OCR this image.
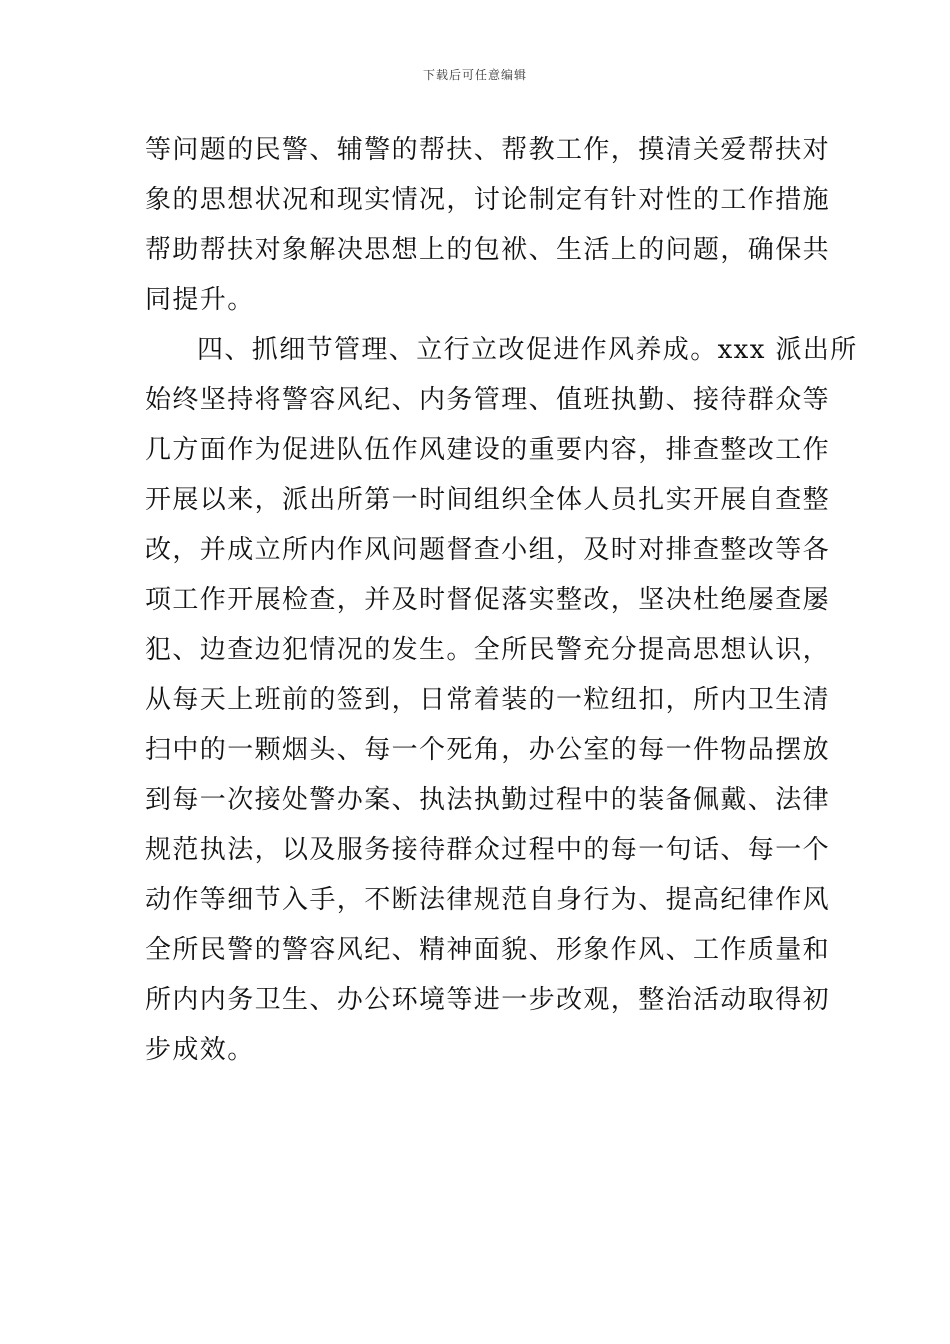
下载后可任意编辑
等问题的民警、辅警的帮扶、帮教工作，摸清关爱帮扶对
象的思想状况和现实情况，讨论制定有针对性的工作措施
帮助帮扶对象解决思想上的包袱、生活上的问题，确保共
同提升。
四、抓细节管理、立行立改促进作风养成。xxx 派出所
始终坚持将警容风纪、内务管理、值班执勤、接待群众等
几方面作为促进队伍作风建设的重要内容，排查整改工作
开展以来，派出所第一时间组织全体人员扎实开展自查整
改，并成立所内作风问题督查小组，及时对排查整改等各
项工作开展检查，并及时督促落实整改，坚决杜绝屡查屡
犯、边查边犯情况的发生。全所民警充分提高思想认识，
从每天上班前的签到，日常着装的一粒纽扣，所内卫生清
扫中的一颗烟头、每一个死角，办公室的每一件物品摆放
到每一次接处警办案、执法执勤过程中的装备佩戴、法律
规范执法，以及服务接待群众过程中的每一句话、每一个
动作等细节入手，不断法律规范自身行为、提高纪律作风
全所民警的警容风纪、精神面貌、形象作风、工作质量和
所内内务卫生、办公环境等进一步改观，整治活动取得初
步成效。
